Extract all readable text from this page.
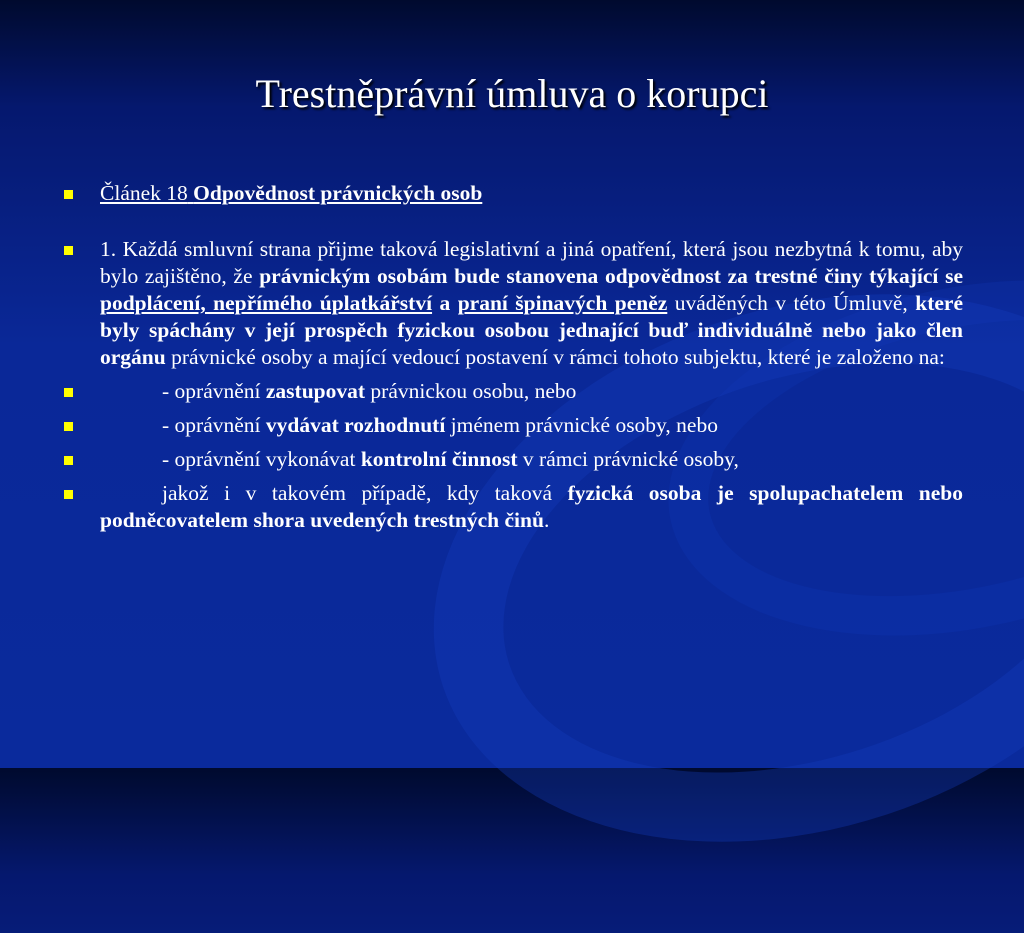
Trestněprávní úmluva o korupci
Článek 18 Odpovědnost právnických osob
1. Každá smluvní strana přijme taková legislativní a jiná opatření, která jsou nezbytná k tomu, aby bylo zajištěno, že právnickým osobám bude stanovena odpovědnost za trestné činy týkající se podplácení, nepřímého úplatkářství a praní špinavých peněz uváděných v této Úmluvě, které byly spáchány v její prospěch fyzickou osobou jednající buď individuálně nebo jako člen orgánu právnické osoby a mající vedoucí postavení v rámci tohoto subjektu, které je založeno na:
- oprávnění zastupovat právnickou osobu, nebo
- oprávnění vydávat rozhodnutí jménem právnické osoby, nebo
- oprávnění vykonávat kontrolní činnost v rámci právnické osoby,
jakož i v takovém případě, kdy taková fyzická osoba je spolupachatelem nebo podněcovatelem shora uvedených trestných činů.
